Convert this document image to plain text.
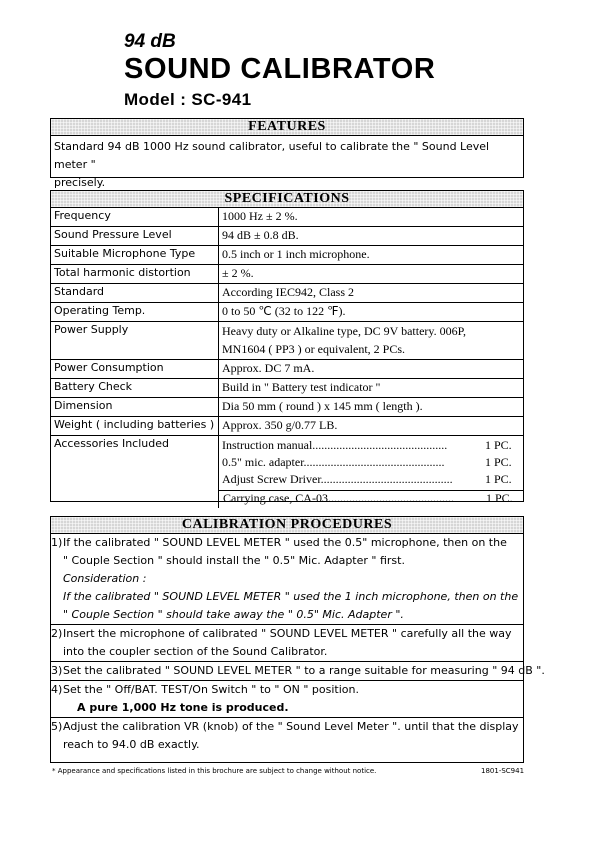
94 dB
SOUND CALIBRATOR
Model : SC-941
FEATURES
Standard 94 dB 1000 Hz sound calibrator, useful to calibrate the " Sound Level meter "
precisely.
SPECIFICATIONS
Frequency	1000 Hz ± 2 %.
Sound Pressure Level	94 dB ± 0.8 dB.
Suitable Microphone Type	0.5 inch or 1 inch microphone.
Total harmonic distortion	± 2 %.
Standard	According IEC942, Class 2
Operating Temp.	0 to 50 ℃ (32 to 122 ℉).
Power Supply	Heavy duty or Alkaline type, DC 9V battery. 006P,
MN1604 ( PP3 ) or equivalent, 2 PCs.
Power Consumption	Approx. DC 7 mA.
Battery Check	Build in " Battery test indicator "
Dimension	Dia 50 mm ( round ) x 145 mm ( length ).
Weight ( including batteries ) Approx. 350 g/0.77 LB.
Accessories Included	Instruction manual.............................................	1 PC.
0.5" mic. adapter...............................................	1 PC.
Adjust Screw Driver............................................	1 PC.
Carrying case, CA-03..........................................	1 PC.
CALIBRATION PROCEDURES
1)If the calibrated " SOUND LEVEL METER " used the 0.5" microphone, then on the
" Couple Section " should install the " 0.5" Mic. Adapter " first.
Consideration :
If the calibrated " SOUND LEVEL METER " used the 1 inch microphone, then on the
" Couple Section " should take away the " 0.5" Mic. Adapter ".
2)Insert the microphone of calibrated " SOUND LEVEL METER " carefully all the way
into the coupler section of the Sound Calibrator.
3)Set the calibrated " SOUND LEVEL METER " to a range suitable for measuring " 94 dB ".
4)Set the " Off/BAT. TEST/On Switch " to " ON " position.
A pure 1,000 Hz tone is produced.
5)Adjust the calibration VR (knob) of the " Sound Level Meter ". until that the display
reach to 94.0 dB exactly.
* Appearance and specifications listed in this brochure are subject to change without notice.	1801-SC941
